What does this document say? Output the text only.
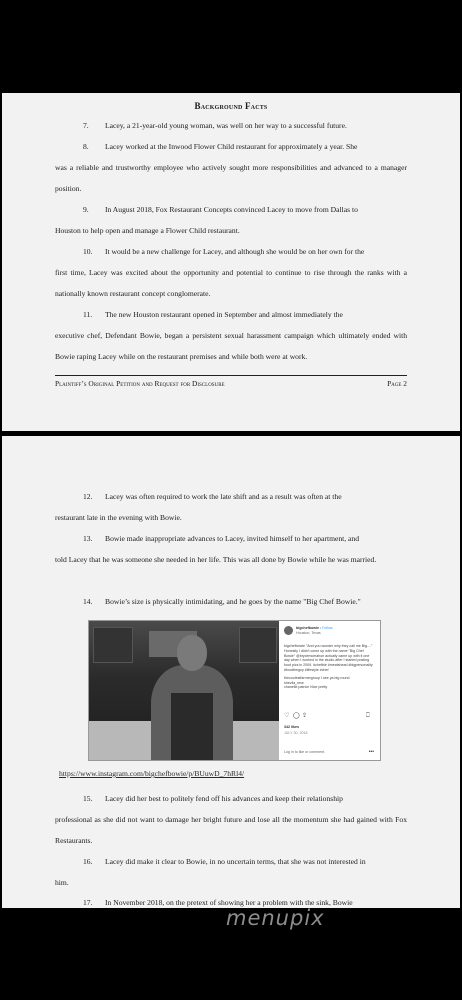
Background Facts
7. Lacey, a 21-year-old young woman, was well on her way to a successful future.
8. Lacey worked at the Inwood Flower Child restaurant for approximately a year. She
was a reliable and trustworthy employee who actively sought more responsibilities and advanced to a manager position.
9. In August 2018, Fox Restaurant Concepts convinced Lacey to move from Dallas to
Houston to help open and manage a Flower Child restaurant.
10. It would be a new challenge for Lacey, and although she would be on her own for the
first time, Lacey was excited about the opportunity and potential to continue to rise through the ranks with a nationally known restaurant concept conglomerate.
11. The new Houston restaurant opened in September and almost immediately the
executive chef, Defendant Bowie, began a persistent sexual harassment campaign which ultimately ended with Bowie raping Lacey while on the restaurant premises and while both were at work.
Plaintiff’s Original Petition and Request for Disclosure	Page 2
12. Lacey was often required to work the late shift and as a result was often at the
restaurant late in the evening with Bowie.
13. Bowie made inappropriate advances to Lacey, invited himself to her apartment, and
told Lacey that he was someone she needed in her life. This was all done by Bowie while he was married.
14. Bowie’s size is physically intimidating, and he goes by the name "Big Chef Bowie."
bigchefbowie • Follow
Houston, Texas
bigchefbowie "And you wonder why they call me Big...." Honestly I didn't come up with the name "Big Chef Bowie" @brycemcmahon actually came up with it one day when I worked in the studio after I started posting food pics in 2009. #chefbie #meatshead #bigpersonality #foodtheguy #lifestyle #chef
thecoolestfarmergroup I see ya big round
shevila_new
chanelle.patrice Nice pretty
♡ ◯ ⇪	⎕
342 likes
JULY 30, 2018
Log in to like or comment.	•••
https://www.instagram.com/bigchefbowie/p/BUuwD_7hRl4/
15. Lacey did her best to politely fend off his advances and keep their relationship
professional as she did not want to damage her bright future and lose all the momentum she had gained with Fox Restaurants.
16. Lacey did make it clear to Bowie, in no uncertain terms, that she was not interested in
him.
17. In November 2018, on the pretext of showing her a problem with the sink, Bowie
menupix
